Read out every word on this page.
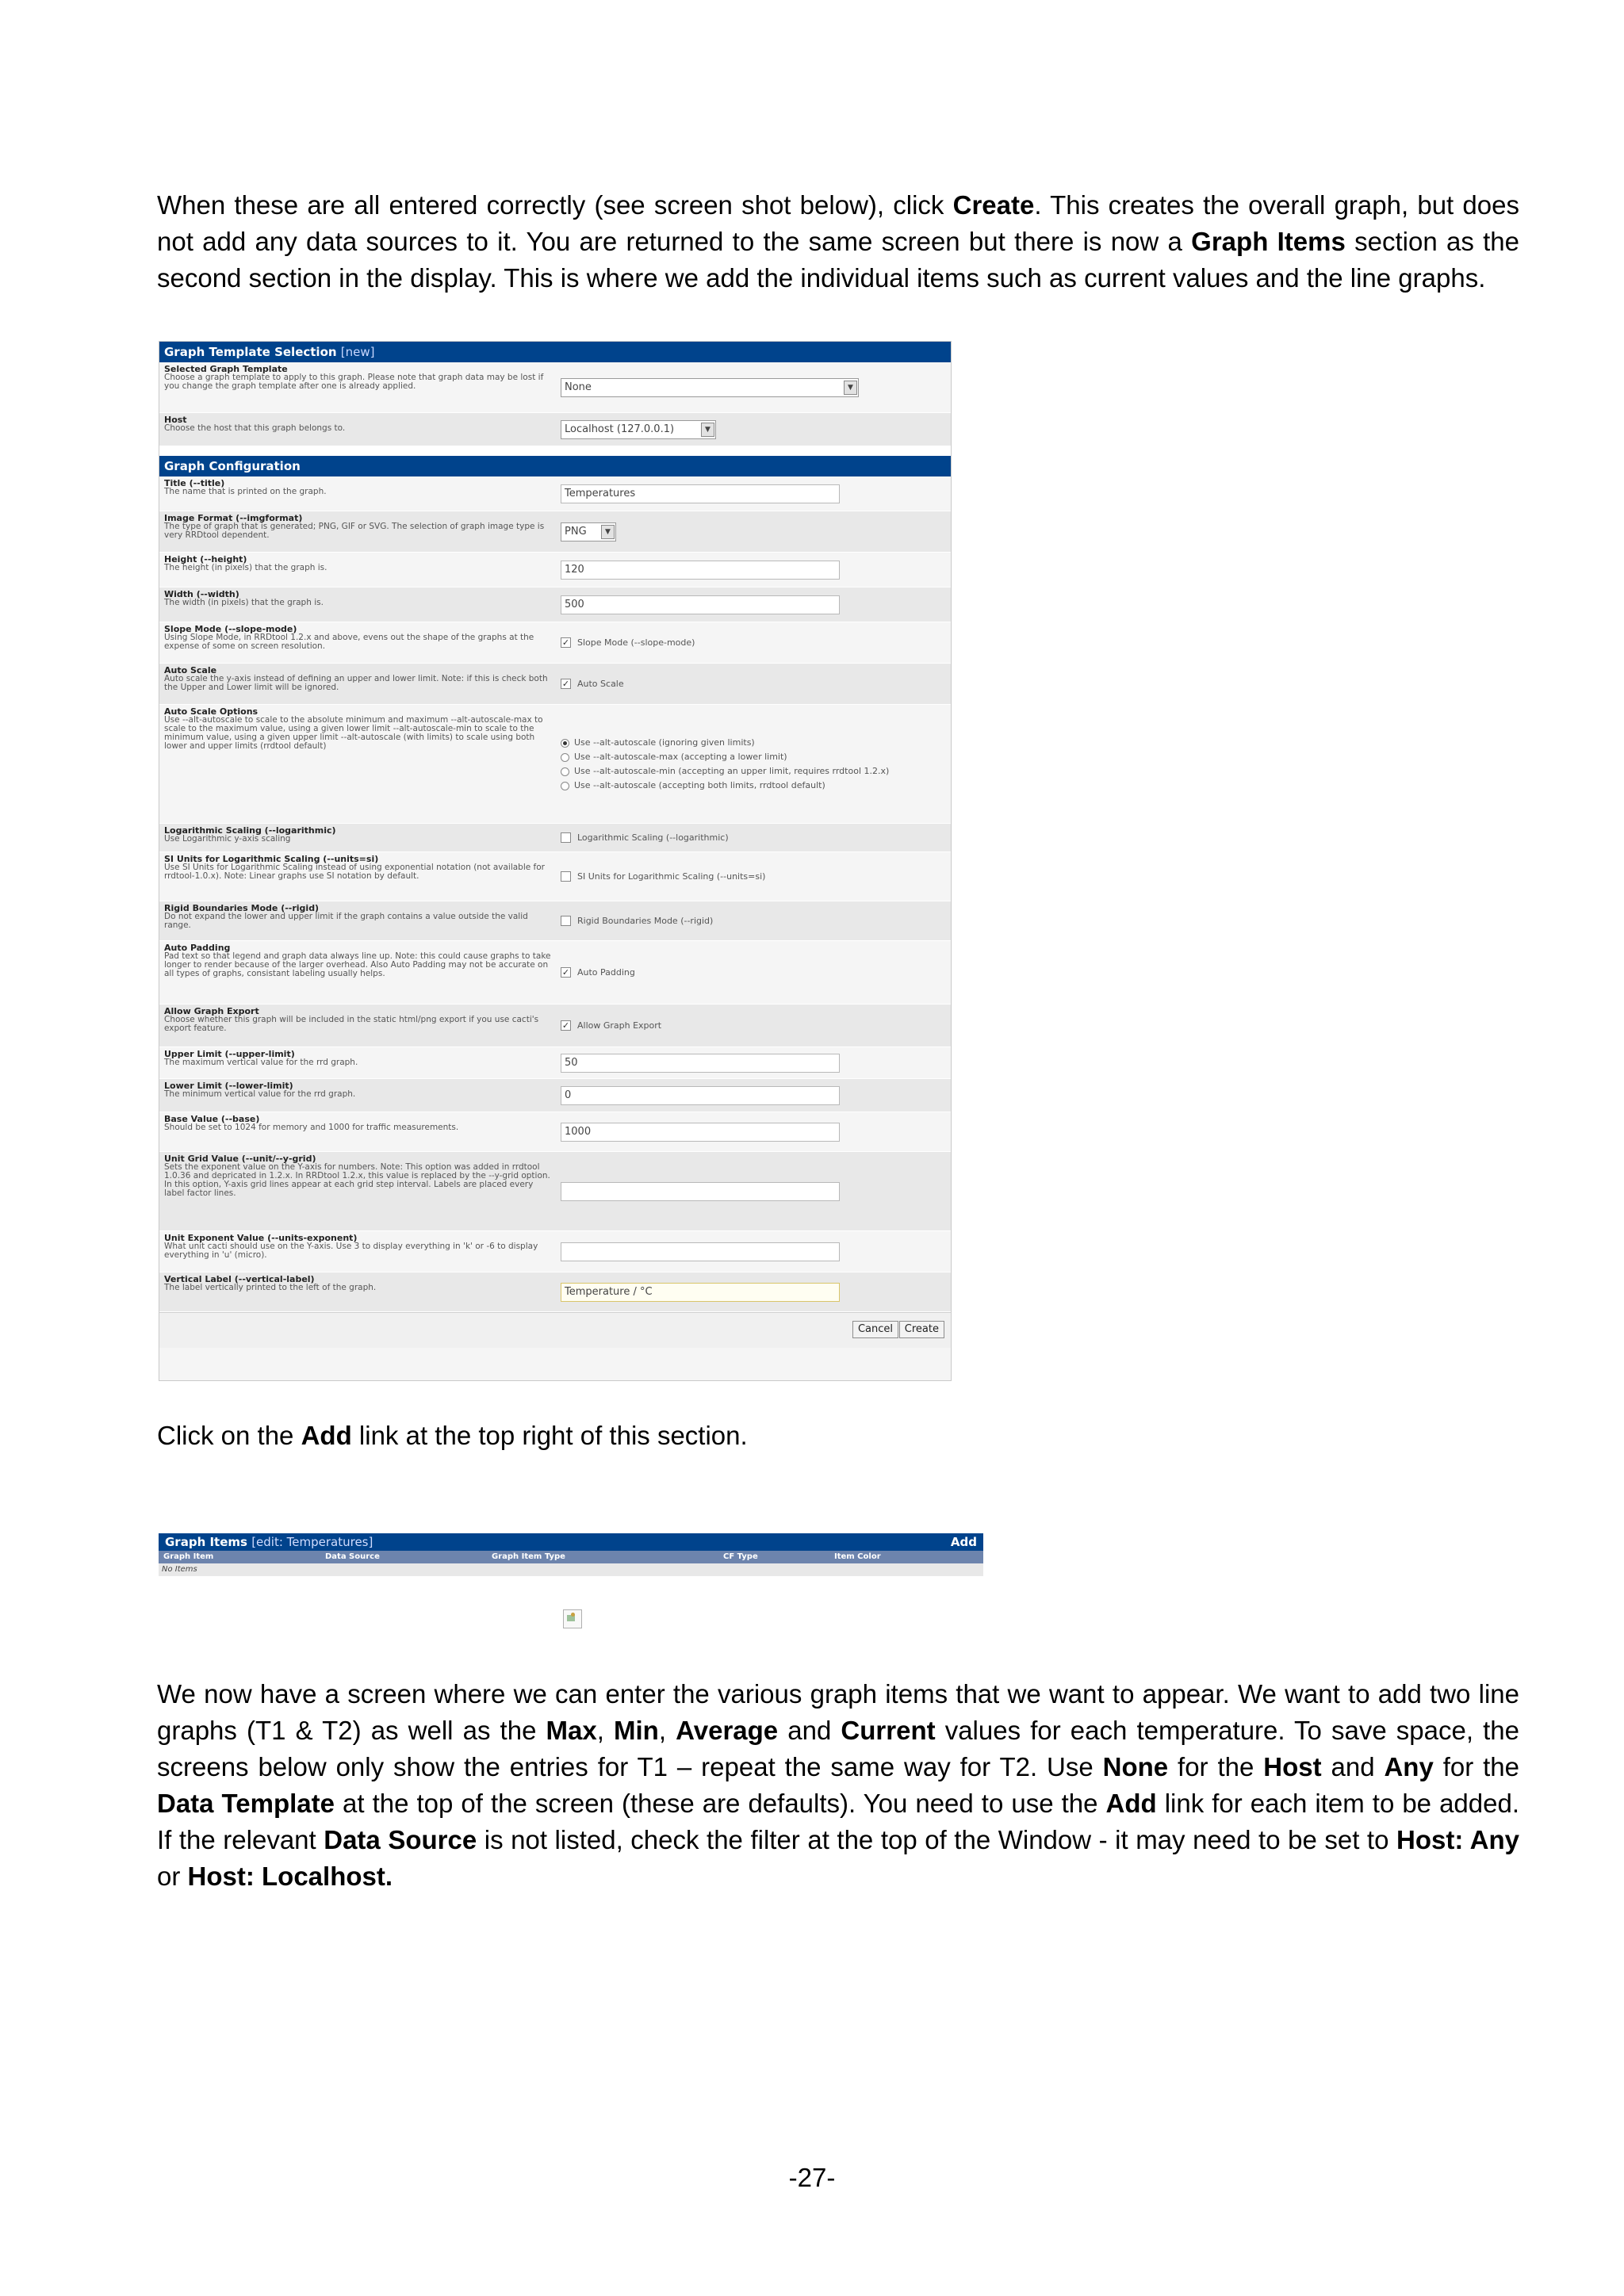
When these are all entered correctly (see screen shot below), click Create. This creates the overall graph, but does not add any data sources to it. You are returned to the same screen but there is now a Graph Items section as the second section in the display. This is where we add the individual items such as current values and the line graphs.

Graph Template Selection [new]
Selected Graph Template
Choose a graph template to apply to this graph. Please note that graph data may be lost if you change the graph template after one is already applied.	None	▼
Host
Choose the host that this graph belongs to.	Localhost (127.0.0.1)	▼
Graph Configuration
Title (--title)
The name that is printed on the graph.	Temperatures
Image Format (--imgformat)
The type of graph that is generated; PNG, GIF or SVG. The selection of graph image type is very RRDtool dependent.	PNG	▼
Height (--height)
The height (in pixels) that the graph is.	120
Width (--width)
The width (in pixels) that the graph is.	500
Slope Mode (--slope-mode)
Using Slope Mode, in RRDtool 1.2.x and above, evens out the shape of the graphs at the expense of some on screen resolution.	✓ Slope Mode (--slope-mode)
Auto Scale
Auto scale the y-axis instead of defining an upper and lower limit. Note: if this is check both the Upper and Lower limit will be ignored.	✓ Auto Scale
Auto Scale Options
Use --alt-autoscale to scale to the absolute minimum and maximum --alt-autoscale-max to scale to the maximum value, using a given lower limit --alt-autoscale-min to scale to the minimum value, using a given upper limit --alt-autoscale (with limits) to scale using both lower and upper limits (rrdtool default)	Use --alt-autoscale (ignoring given limits)
Use --alt-autoscale-max (accepting a lower limit)
Use --alt-autoscale-min (accepting an upper limit, requires rrdtool 1.2.x)
Use --alt-autoscale (accepting both limits, rrdtool default)
Logarithmic Scaling (--logarithmic)
Use Logarithmic y-axis scaling	Logarithmic Scaling (--logarithmic)
SI Units for Logarithmic Scaling (--units=si)
Use SI Units for Logarithmic Scaling instead of using exponential notation (not available for rrdtool-1.0.x). Note: Linear graphs use SI notation by default.	SI Units for Logarithmic Scaling (--units=si)
Rigid Boundaries Mode (--rigid)
Do not expand the lower and upper limit if the graph contains a value outside the valid range.	Rigid Boundaries Mode (--rigid)
Auto Padding
Pad text so that legend and graph data always line up. Note: this could cause graphs to take longer to render because of the larger overhead. Also Auto Padding may not be accurate on all types of graphs, consistant labeling usually helps.	✓ Auto Padding
Allow Graph Export
Choose whether this graph will be included in the static html/png export if you use cacti's export feature.	✓ Allow Graph Export
Upper Limit (--upper-limit)
The maximum vertical value for the rrd graph.	50
Lower Limit (--lower-limit)
The minimum vertical value for the rrd graph.	0
Base Value (--base)
Should be set to 1024 for memory and 1000 for traffic measurements.	1000
Unit Grid Value (--unit/--y-grid)
Sets the exponent value on the Y-axis for numbers. Note: This option was added in rrdtool 1.0.36 and depricated in 1.2.x. In RRDtool 1.2.x, this value is replaced by the --y-grid option. In this option, Y-axis grid lines appear at each grid step interval. Labels are placed every label factor lines.
Unit Exponent Value (--units-exponent)
What unit cacti should use on the Y-axis. Use 3 to display everything in 'k' or -6 to display everything in 'u' (micro).
Vertical Label (--vertical-label)
The label vertically printed to the left of the graph.	Temperature / °C
Cancel	Create

Click on the Add link at the top right of this section.

Graph Items [edit: Temperatures]	Add
Graph Item	Data Source	Graph Item Type	CF Type	Item Color
No Items

We now have a screen where we can enter the various graph items that we want to appear. We want to add two line graphs (T1 & T2) as well as the Max, Min, Average and Current values for each temperature. To save space, the screens below only show the entries for T1 – repeat the same way for T2. Use None for the Host and Any for the Data Template at the top of the screen (these are defaults). You need to use the Add link for each item to be added. If the relevant Data Source is not listed, check the filter at the top of the Window - it may need to be set to Host: Any or Host: Localhost.

-27-
